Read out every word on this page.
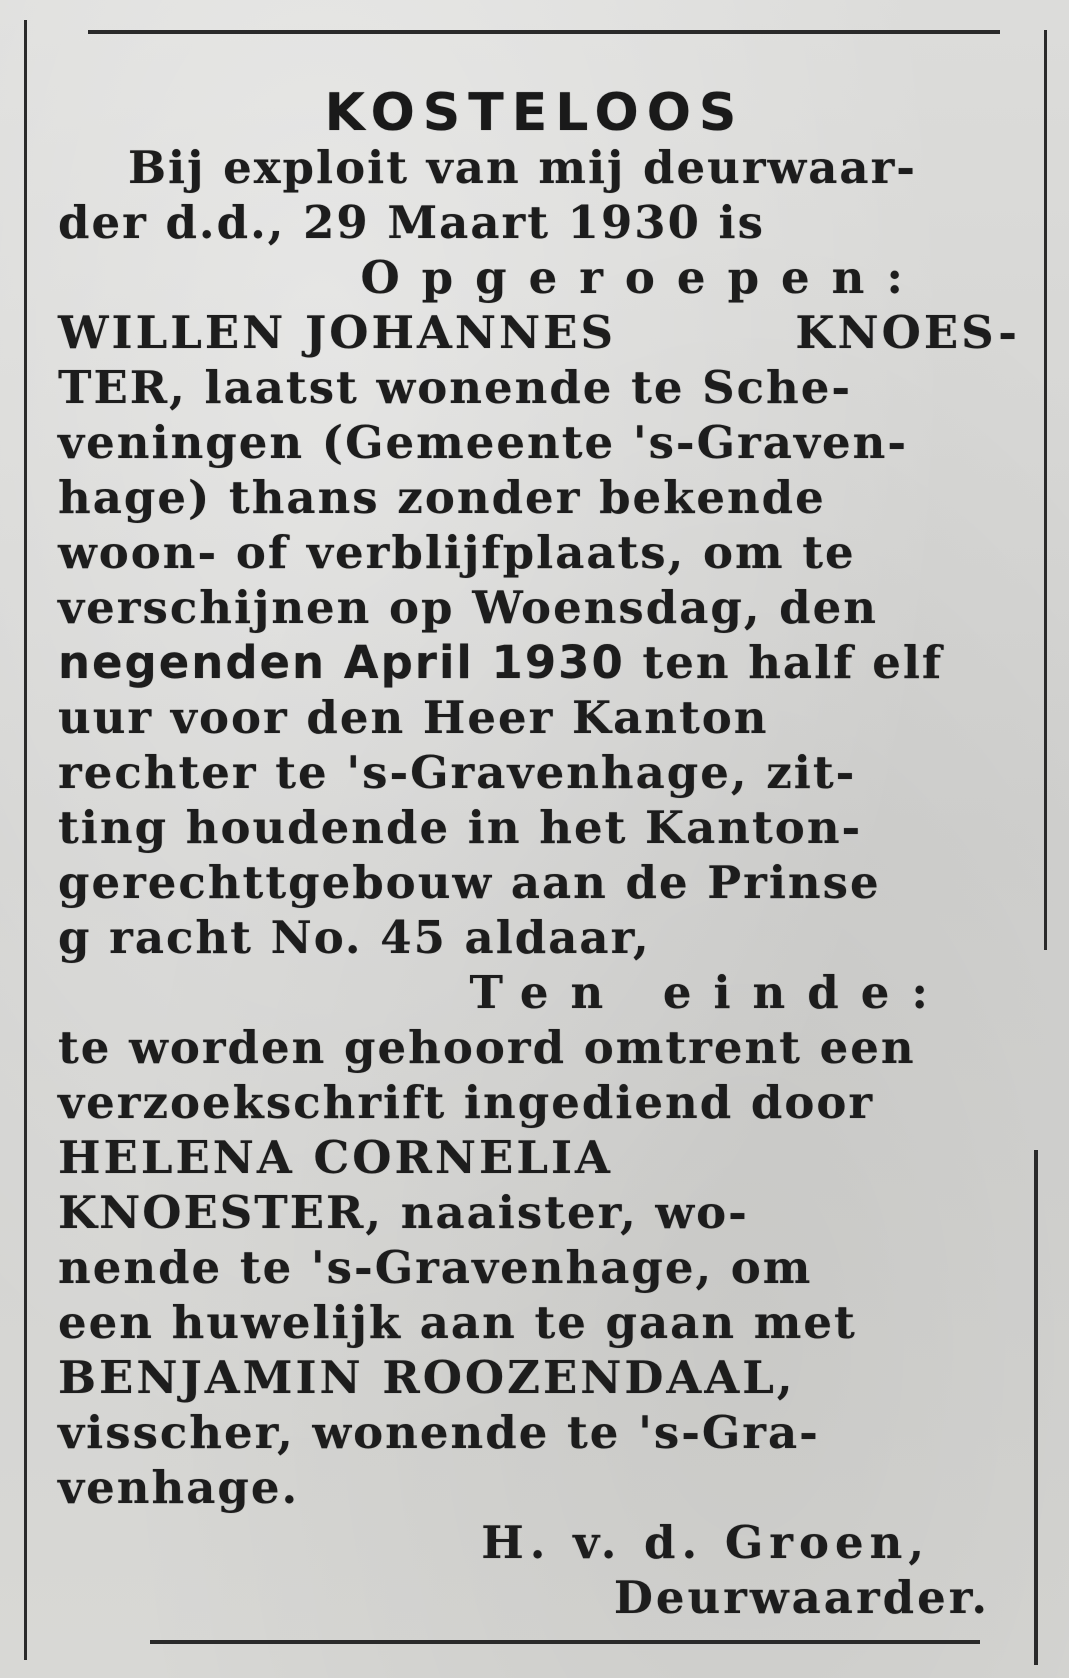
KOSTELOOS
Bij exploit van mij deurwaar-
der d.d., 29 Maart 1930 is
Opgeroepen:
WILLEN JOHANNES	KNOES-
TER, laatst wonende te Sche-
veningen (Gemeente 's-Graven-
hage) thans zonder bekende
woon- of verblijfplaats, om te
verschijnen op Woensdag, den
negenden April 1930 ten half elf
uur voor den Heer Kanton
rechter te 's-Gravenhage, zit-
ting houdende in het Kanton-
gerechttgebouw aan de Prinse
g racht No. 45 aldaar,
Ten einde:
te worden gehoord omtrent een
verzoekschrift ingediend door
HELENA CORNELIA
KNOESTER, naaister, wo-
nende te 's-Gravenhage, om
een huwelijk aan te gaan met
BENJAMIN ROOZENDAAL,
visscher, wonende te 's-Gra-
venhage.
H. v. d. Groen,
Deurwaarder.
